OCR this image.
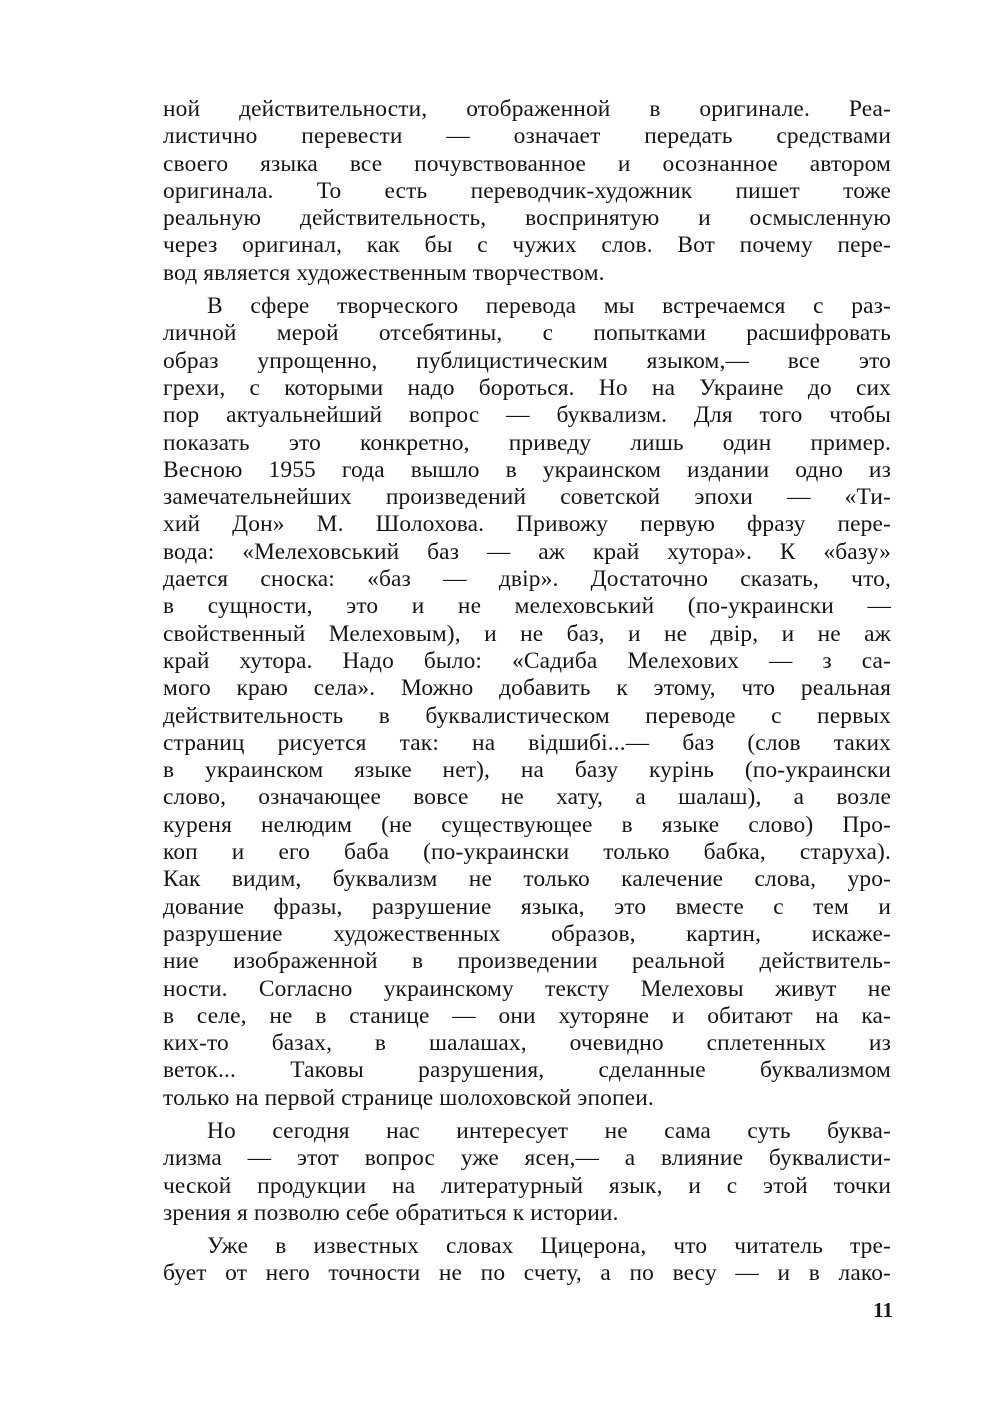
ной действительности, отображенной в оригинале. Реа-
листично перевести — означает передать средствами
своего языка все почувствованное и осознанное автором
оригинала. То есть переводчик-художник пишет тоже
реальную действительность, воспринятую и осмысленную
через оригинал, как бы с чужих слов. Вот почему пере-
вод является художественным творчеством.

В сфере творческого перевода мы встречаемся с раз-
личной мерой отсебятины, с попытками расшифровать
образ упрощенно, публицистическим языком,— все это
грехи, с которыми надо бороться. Но на Украине до сих
пор актуальнейший вопрос — буквализм. Для того чтобы
показать это конкретно, приведу лишь один пример.
Весною 1955 года вышло в украинском издании одно из
замечательнейших произведений советской эпохи — «Ти-
хий Дон» М. Шолохова. Привожу первую фразу пере-
вода: «Мелеховський баз — аж край хутора». К «базу»
дается сноска: «баз — двір». Достаточно сказать, что,
в сущности, это и не мелеховський (по-украински —
свойственный Мелеховым), и не баз, и не двір, и не аж
край хутора. Надо было: «Садиба Мелехових — з са-
мого краю села». Можно добавить к этому, что реальная
действительность в буквалистическом переводе с первых
страниц рисуется так: на відшибі...— баз (слов таких
в украинском языке нет), на базу курінь (по-украински
слово, означающее вовсе не хату, а шалаш), а возле
куреня нелюдим (не существующее в языке слово) Про-
коп и его баба (по-украински только бабка, старуха).
Как видим, буквализм не только калечение слова, уро-
дование фразы, разрушение языка, это вместе с тем и
разрушение художественных образов, картин, искаже-
ние изображенной в произведении реальной действитель-
ности. Согласно украинскому тексту Мелеховы живут не
в селе, не в станице — они хуторяне и обитают на ка-
ких-то базах, в шалашах, очевидно сплетенных из
веток... Таковы разрушения, сделанные буквализмом
только на первой странице шолоховской эпопеи.

Но сегодня нас интересует не сама суть буква-
лизма — этот вопрос уже ясен,— а влияние буквалисти-
ческой продукции на литературный язык, и с этой точки
зрения я позволю себе обратиться к истории.

Уже в известных словах Цицерона, что читатель тре-
бует от него точности не по счету, а по весу — и в лако-

11
